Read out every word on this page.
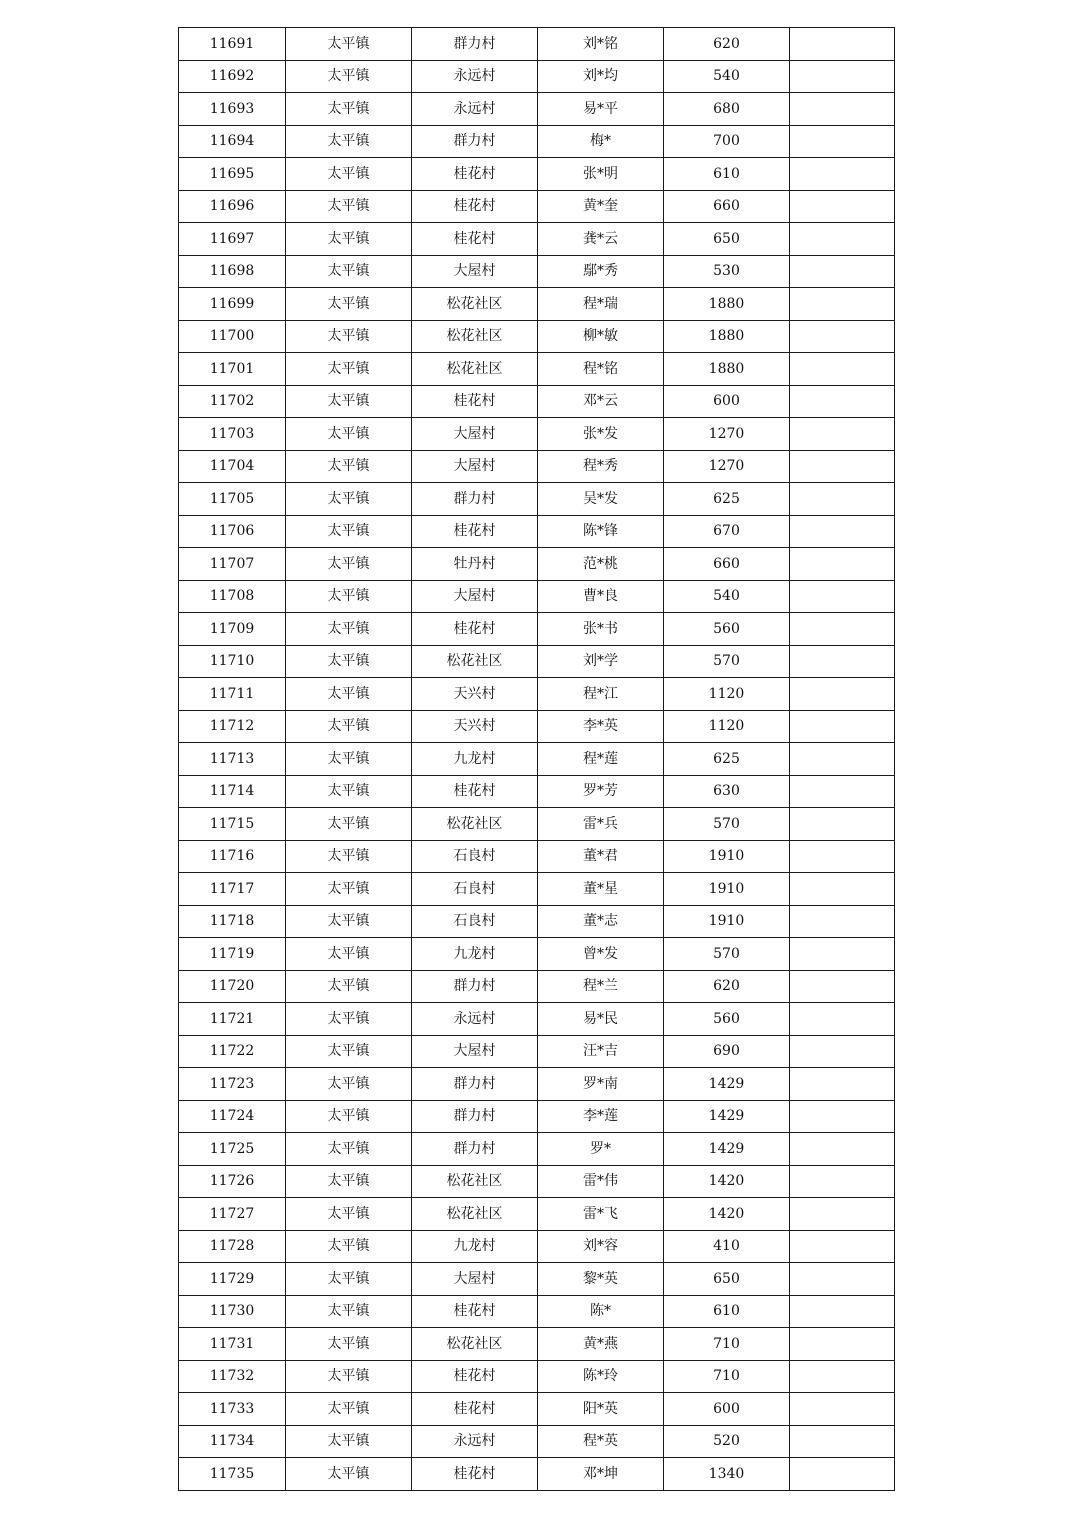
11691	太平镇	群力村	刘*铭	620	
11692	太平镇	永远村	刘*均	540	
11693	太平镇	永远村	易*平	680	
11694	太平镇	群力村	梅*	700	
11695	太平镇	桂花村	张*明	610	
11696	太平镇	桂花村	黄*奎	660	
11697	太平镇	桂花村	龚*云	650	
11698	太平镇	大屋村	鄢*秀	530	
11699	太平镇	松花社区	程*瑞	1880	
11700	太平镇	松花社区	柳*敏	1880	
11701	太平镇	松花社区	程*铭	1880	
11702	太平镇	桂花村	邓*云	600	
11703	太平镇	大屋村	张*发	1270	
11704	太平镇	大屋村	程*秀	1270	
11705	太平镇	群力村	吴*发	625	
11706	太平镇	桂花村	陈*锋	670	
11707	太平镇	牡丹村	范*桃	660	
11708	太平镇	大屋村	曹*良	540	
11709	太平镇	桂花村	张*书	560	
11710	太平镇	松花社区	刘*学	570	
11711	太平镇	天兴村	程*江	1120	
11712	太平镇	天兴村	李*英	1120	
11713	太平镇	九龙村	程*莲	625	
11714	太平镇	桂花村	罗*芳	630	
11715	太平镇	松花社区	雷*兵	570	
11716	太平镇	石良村	董*君	1910	
11717	太平镇	石良村	董*星	1910	
11718	太平镇	石良村	董*志	1910	
11719	太平镇	九龙村	曾*发	570	
11720	太平镇	群力村	程*兰	620	
11721	太平镇	永远村	易*民	560	
11722	太平镇	大屋村	汪*吉	690	
11723	太平镇	群力村	罗*南	1429	
11724	太平镇	群力村	李*莲	1429	
11725	太平镇	群力村	罗*	1429	
11726	太平镇	松花社区	雷*伟	1420	
11727	太平镇	松花社区	雷*飞	1420	
11728	太平镇	九龙村	刘*容	410	
11729	太平镇	大屋村	黎*英	650	
11730	太平镇	桂花村	陈*	610	
11731	太平镇	松花社区	黄*燕	710	
11732	太平镇	桂花村	陈*玲	710	
11733	太平镇	桂花村	阳*英	600	
11734	太平镇	永远村	程*英	520	
11735	太平镇	桂花村	邓*坤	1340	
